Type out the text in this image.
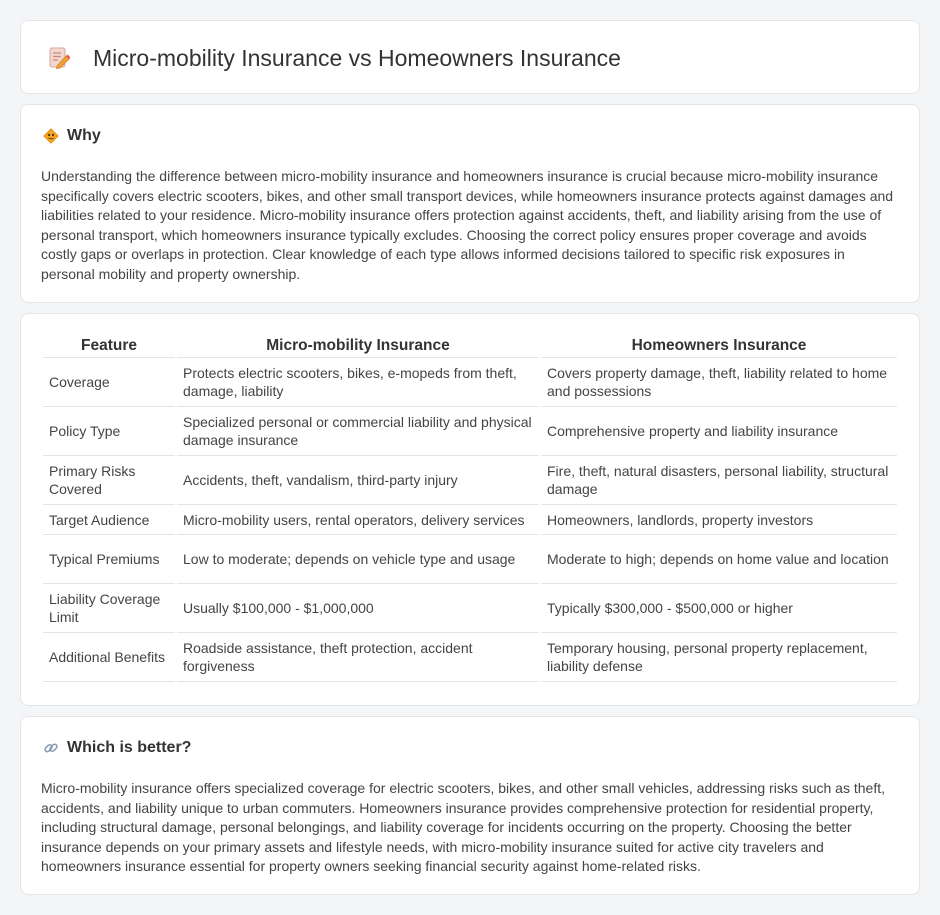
Micro-mobility Insurance vs Homeowners Insurance
Why

Understanding the difference between micro-mobility insurance and homeowners insurance is crucial because micro-mobility insurance specifically covers electric scooters, bikes, and other small transport devices, while homeowners insurance protects against damages and liabilities related to your residence. Micro-mobility insurance offers protection against accidents, theft, and liability arising from the use of personal transport, which homeowners insurance typically excludes. Choosing the correct policy ensures proper coverage and avoids costly gaps or overlaps in protection. Clear knowledge of each type allows informed decisions tailored to specific risk exposures in personal mobility and property ownership.

Feature	Micro-mobility Insurance	Homeowners Insurance
Coverage	Protects electric scooters, bikes, e-mopeds from theft, damage, liability	Covers property damage, theft, liability related to home and possessions
Policy Type	Specialized personal or commercial liability and physical damage insurance	Comprehensive property and liability insurance
Primary Risks Covered	Accidents, theft, vandalism, third-party injury	Fire, theft, natural disasters, personal liability, structural damage
Target Audience	Micro-mobility users, rental operators, delivery services	Homeowners, landlords, property investors
Typical Premiums	Low to moderate; depends on vehicle type and usage	Moderate to high; depends on home value and location
Liability Coverage Limit	Usually $100,000 - $1,000,000	Typically $300,000 - $500,000 or higher
Additional Benefits	Roadside assistance, theft protection, accident forgiveness	Temporary housing, personal property replacement, liability defense
Which is better?

Micro-mobility insurance offers specialized coverage for electric scooters, bikes, and other small vehicles, addressing risks such as theft, accidents, and liability unique to urban commuters. Homeowners insurance provides comprehensive protection for residential property, including structural damage, personal belongings, and liability coverage for incidents occurring on the property. Choosing the better insurance depends on your primary assets and lifestyle needs, with micro-mobility insurance suited for active city travelers and homeowners insurance essential for property owners seeking financial security against home-related risks.
